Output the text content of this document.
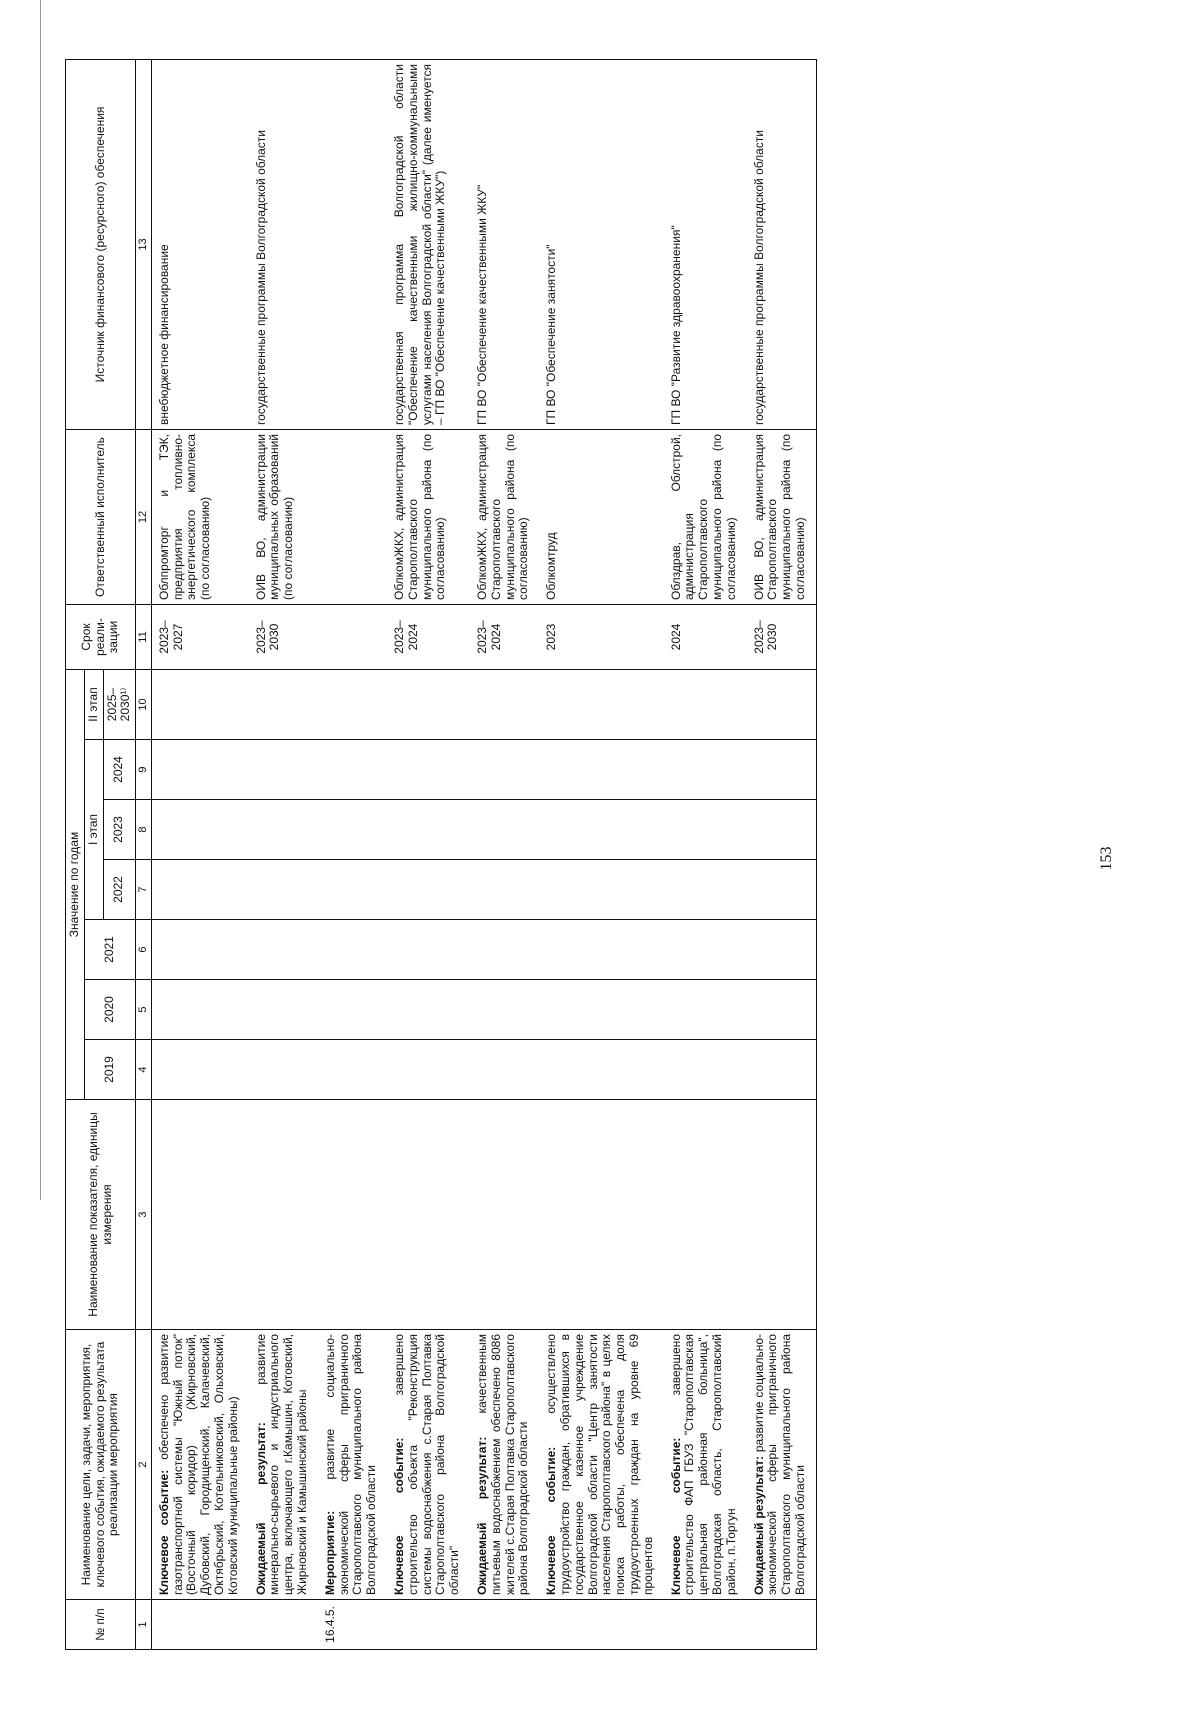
153
№ п/п	Наименование цели, задачи, мероприятия, ключевого события, ожидаемого результата реализации мероприятия	Наименование показателя, единицы измерения	Значение по годам							Срок реали-зации	Ответственный исполнитель	Источник финансового (ресурсного) обеспечения
			2019	2020	2021	I этап			II этап			
						2022	2023	2024	2025–2030¹⁾			
1	2	3	4	5	6	7	8	9	10	11	12	13
	Ключевое событие: обеспечено развитие газотранспортной системы "Южный поток" (Восточный коридор) (Жирновский, Дубовский, Городищенский, Калачевский, Октябрьский, Котельниковский, Ольховский, Котовский муниципальные районы)									2023–2027	Облпромторг и ТЭК, предприятия топливно-энергетического комплекса (по согласованию)	внебюджетное финансирование
	Ожидаемый результат: развитие минерально-сырьевого и индустриального центра, включающего г.Камышин, Котовский, Жирновский и Камышинский районы									2023–2030	ОИВ ВО, администрации муниципальных образований (по согласованию)	государственные программы Волгоградской области
16.4.5.	Мероприятие: развитие социально-экономической сферы приграничного Старополтавского муниципального района Волгоградской области											
	Ключевое событие: завершено строительство объекта "Реконструкция системы водоснабжения с.Старая Полтавка Старополтавского района Волгоградской области"									2023–2024	ОблкомЖКХ, администрация Старополтавского муниципального района (по согласованию)	государственная программа Волгоградской области "Обеспечение качественными жилищно-коммунальными услугами населения Волгоградской области" (далее именуется – ГП ВО "Обеспечение качественными ЖКУ")
	Ожидаемый результат: качественным питьевым водоснабжением обеспечено 8086 жителей с.Старая Полтавка Старополтавского района Волгоградской области									2023–2024	ОблкомЖКХ, администрация Старополтавского муниципального района (по согласованию)	ГП ВО "Обеспечение качественными ЖКУ"
	Ключевое событие: осуществлено трудоустройство граждан, обратившихся в государственное казенное учреждение Волгоградской области "Центр занятости населения Старополтавского района" в целях поиска работы, обеспечена доля трудоустроенных граждан на уровне 69 процентов									2023	Облкомтруд	ГП ВО "Обеспечение занятости"
	Ключевое событие: завершено строительство ФАП ГБУЗ "Старополтавская центральная районная больница", Волгоградская область, Старополтавский район, п.Торгун									2024	Облздрав, Облстрой, администрация Старополтавского муниципального района (по согласованию)	ГП ВО "Развитие здравоохранения"
	Ожидаемый результат: развитие социально-экономической сферы приграничного Старополтавского муниципального района Волгоградской области									2023–2030	ОИВ ВО, администрация Старополтавского муниципального района (по согласованию)	государственные программы Волгоградской области
